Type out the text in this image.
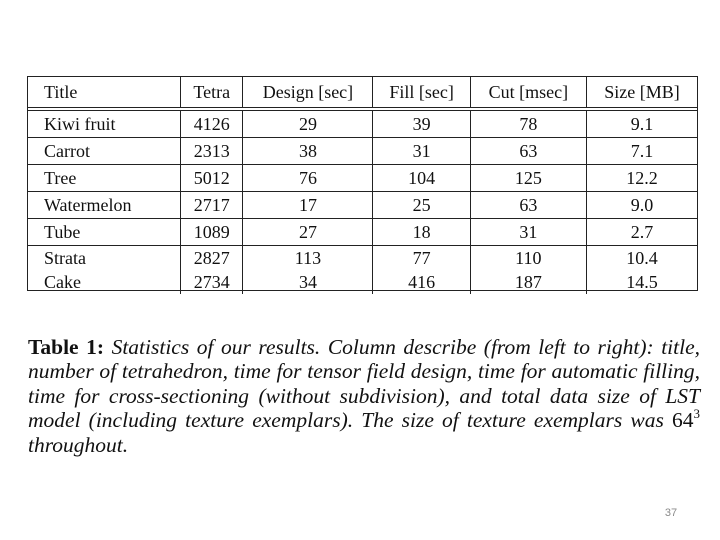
Title	Tetra	Design [sec]	Fill [sec]	Cut [msec]	Size [MB]
Kiwi fruit	4126	29	39	78	9.1
Carrot	2313	38	31	63	7.1
Tree	5012	76	104	125	12.2
Watermelon	2717	17	25	63	9.0
Tube	1089	27	18	31	2.7
Strata	2827	113	77	110	10.4
Cake	2734	34	416	187	14.5

Table 1: Statistics of our results. Column describe (from left to right): title, number of tetrahedron, time for tensor field design, time for automatic filling, time for cross-sectioning (without subdivision), and total data size of LST model (including texture exemplars). The size of texture exemplars was $64^3$ throughout.

37
